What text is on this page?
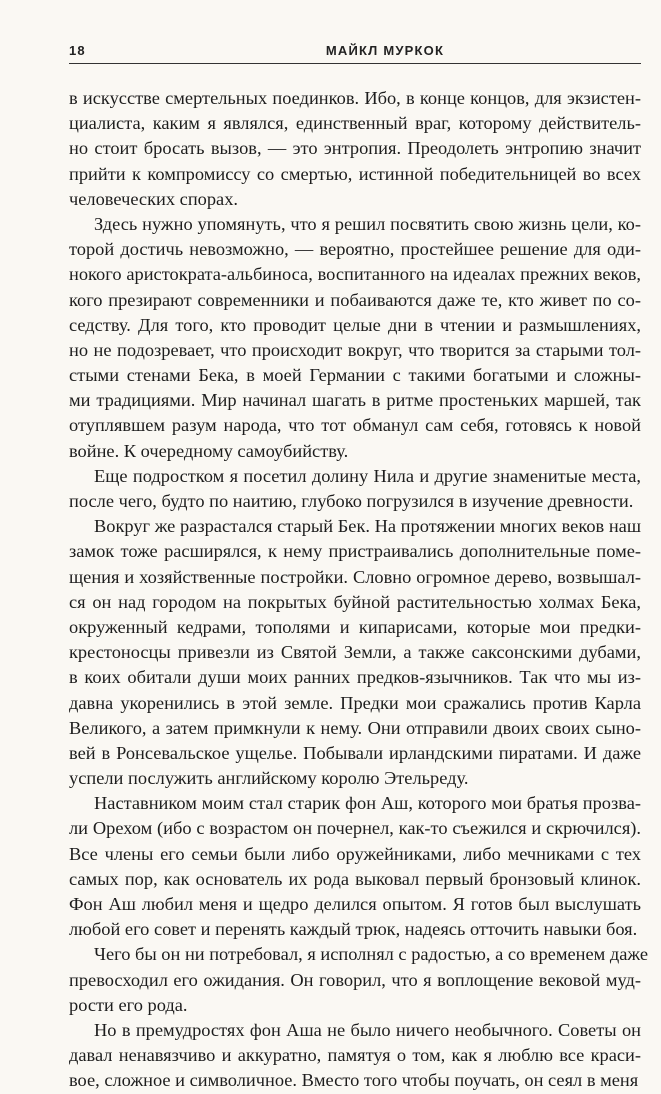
18	МАЙКЛ МУРКОК
в искусстве смертельных поединков. Ибо, в конце концов, для экзистен-
циалиста, каким я являлся, единственный враг, которому действитель-
но стоит бросать вызов, — это энтропия. Преодолеть энтропию значит
прийти к компромиссу со смертью, истинной победительницей во всех
человеческих спорах.
Здесь нужно упомянуть, что я решил посвятить свою жизнь цели, ко-
торой достичь невозможно, — вероятно, простейшее решение для оди-
нокого аристократа-альбиноса, воспитанного на идеалах прежних веков,
кого презирают современники и побаиваются даже те, кто живет по со-
седству. Для того, кто проводит целые дни в чтении и размышлениях,
но не подозревает, что происходит вокруг, что творится за старыми тол-
стыми стенами Бека, в моей Германии с такими богатыми и сложны-
ми традициями. Мир начинал шагать в ритме простеньких маршей, так
отуплявшем разум народа, что тот обманул сам себя, готовясь к новой
войне. К очередному самоубийству.
Еще подростком я посетил долину Нила и другие знаменитые места,
после чего, будто по наитию, глубоко погрузился в изучение древности.
Вокруг же разрастался старый Бек. На протяжении многих веков наш
замок тоже расширялся, к нему пристраивались дополнительные поме-
щения и хозяйственные постройки. Словно огромное дерево, возвышал-
ся он над городом на покрытых буйной растительностью холмах Бека,
окруженный кедрами, тополями и кипарисами, которые мои предки-
крестоносцы привезли из Святой Земли, а также саксонскими дубами,
в коих обитали души моих ранних предков-язычников. Так что мы из-
давна укоренились в этой земле. Предки мои сражались против Карла
Великого, а затем примкнули к нему. Они отправили двоих своих сыно-
вей в Ронсевальское ущелье. Побывали ирландскими пиратами. И даже
успели послужить английскому королю Этельреду.
Наставником моим стал старик фон Аш, которого мои братья прозва-
ли Орехом (ибо с возрастом он почернел, как-то съежился и скрючился).
Все члены его семьи были либо оружейниками, либо мечниками с тех
самых пор, как основатель их рода выковал первый бронзовый клинок.
Фон Аш любил меня и щедро делился опытом. Я готов был выслушать
любой его совет и перенять каждый трюк, надеясь отточить навыки боя.
Чего бы он ни потребовал, я исполнял с радостью, а со временем даже
превосходил его ожидания. Он говорил, что я воплощение вековой муд-
рости его рода.
Но в премудростях фон Аша не было ничего необычного. Советы он
давал ненавязчиво и аккуратно, памятуя о том, как я люблю все краси-
вое, сложное и символичное. Вместо того чтобы поучать, он сеял в меня
